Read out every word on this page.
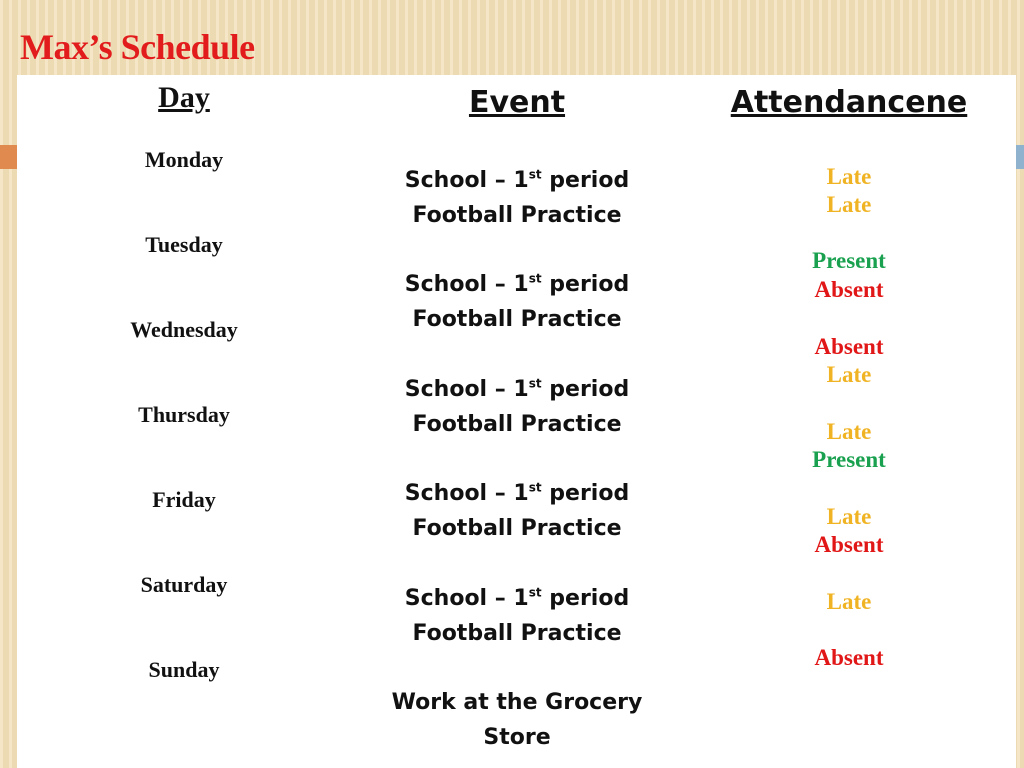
Max’s Schedule
Day	Event	Attendancene
Monday
Tuesday
Wednesday
Thursday
Friday
Saturday
Sunday
School – 1st period
Football Practice
School – 1st period
Football Practice
School – 1st period
Football Practice
School – 1st period
Football Practice
School – 1st period
Football Practice
Work at the Grocery
Store
Late
Late
Present
Absent
Absent
Late
Late
Present
Late
Absent
Late
Absent
